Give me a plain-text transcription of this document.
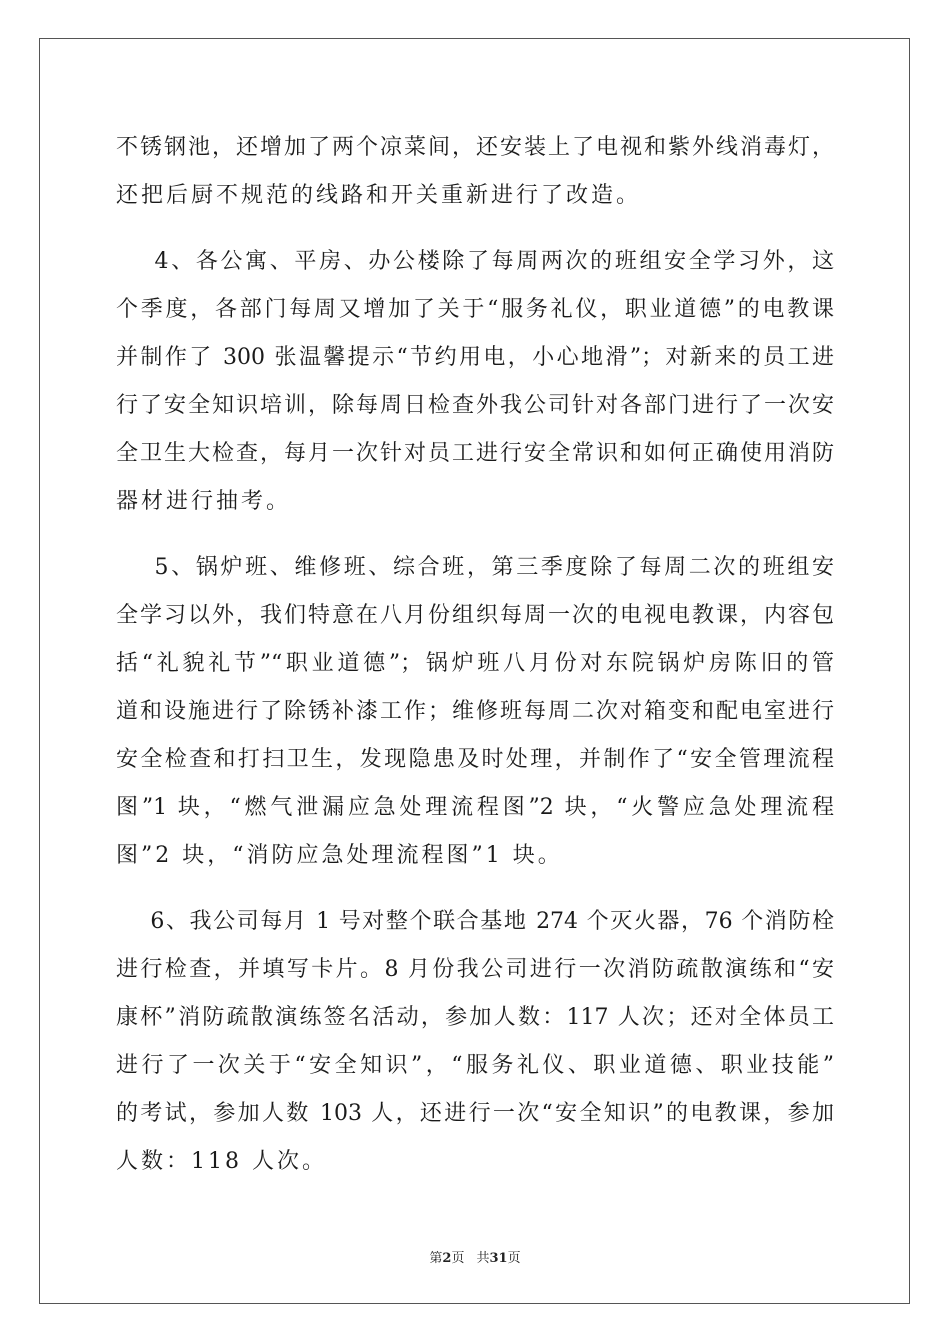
不锈钢池，还增加了两个凉菜间，还安装上了电视和紫外线消毒灯，
还把后厨不规范的线路和开关重新进行了改造。
4、各公寓、平房、办公楼除了每周两次的班组安全学习外，这
个季度，各部门每周又增加了关于“服务礼仪，职业道德”的电教课
并制作了 300 张温馨提示“节约用电，小心地滑”；对新来的员工进
行了安全知识培训，除每周日检查外我公司针对各部门进行了一次安
全卫生大检查，每月一次针对员工进行安全常识和如何正确使用消防
器材进行抽考。
5、锅炉班、维修班、综合班，第三季度除了每周二次的班组安
全学习以外，我们特意在八月份组织每周一次的电视电教课，内容包
括“礼貌礼节”“职业道德”；锅炉班八月份对东院锅炉房陈旧的管
道和设施进行了除锈补漆工作；维修班每周二次对箱变和配电室进行
安全检查和打扫卫生，发现隐患及时处理，并制作了“安全管理流程
图”1 块，“燃气泄漏应急处理流程图”2 块，“火警应急处理流程
图”2 块，“消防应急处理流程图”1 块。
6、我公司每月 1 号对整个联合基地 274 个灭火器，76 个消防栓
进行检查，并填写卡片。8 月份我公司进行一次消防疏散演练和“安
康杯”消防疏散演练签名活动，参加人数：117 人次；还对全体员工
进行了一次关于“安全知识”，“服务礼仪、职业道德、职业技能”
的考试，参加人数 103 人，还进行一次“安全知识”的电教课，参加
人数：118 人次。
第2页 共31页
